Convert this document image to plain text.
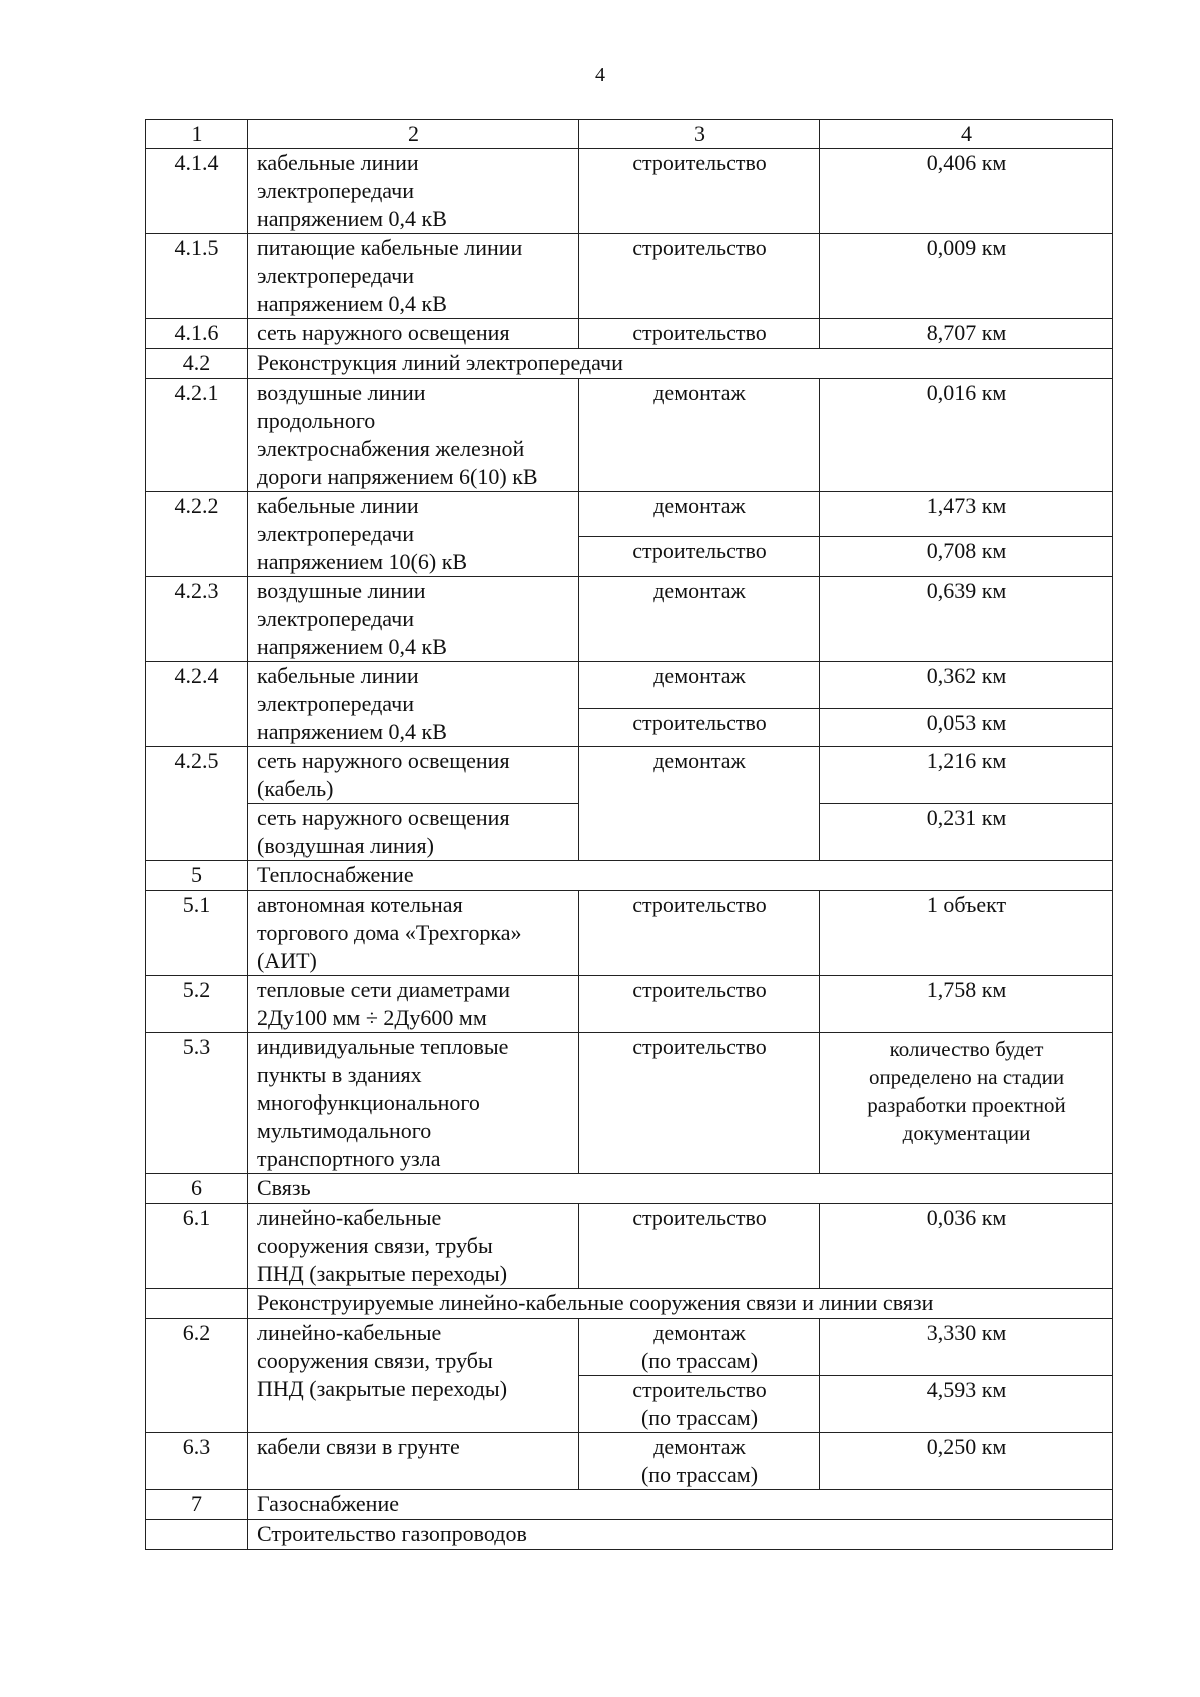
4
1	2	3	4
4.1.4	кабельные линии
электропередачи
напряжением 0,4 кВ	строительство	0,406 км

4.1.5	питающие кабельные линии
электропередачи
напряжением 0,4 кВ	строительство	0,009 км

4.1.6	сеть наружного освещения	строительство	8,707 км

4.2	Реконструкция линий электропередачи		

4.2.1	воздушные линии
продольного
электроснабжения железной
дороги напряжением 6(10) кВ	демонтаж	0,016 км

4.2.2	кабельные линии
электропередачи
напряжением 10(6) кВ	демонтаж	1,473 км

		строительство	0,708 км

4.2.3	воздушные линии
электропередачи
напряжением 0,4 кВ	демонтаж	0,639 км

4.2.4	кабельные линии
электропередачи
напряжением 0,4 кВ	демонтаж	0,362 км

		строительство	0,053 км

4.2.5	сеть наружного освещения
(кабель)	демонтаж	1,216 км

	сеть наружного освещения
(воздушная линия)		0,231 км

5	Теплоснабжение		

5.1	автономная котельная
торгового дома «Трехгорка»
(АИТ)	строительство	1 объект

5.2	тепловые сети диаметрами
2Ду100 мм ÷ 2Ду600 мм	строительство	1,758 км

5.3	индивидуальные тепловые
пункты в зданиях
многофункционального
мультимодального
транспортного узла	строительство	количество будет
определено на стадии
разработки проектной
документации

6	Связь		

6.1	линейно-кабельные
сооружения связи, трубы
ПНД (закрытые переходы)	строительство	0,036 км

	Реконструируемые линейно-кабельные сооружения связи и линии связи		

6.2	линейно-кабельные
сооружения связи, трубы
ПНД (закрытые переходы)	демонтаж
(по трассам)	3,330 км

		строительство
(по трассам)	4,593 км

6.3	кабели связи в грунте	демонтаж
(по трассам)	0,250 км

7	Газоснабжение		

	Строительство газопроводов		
